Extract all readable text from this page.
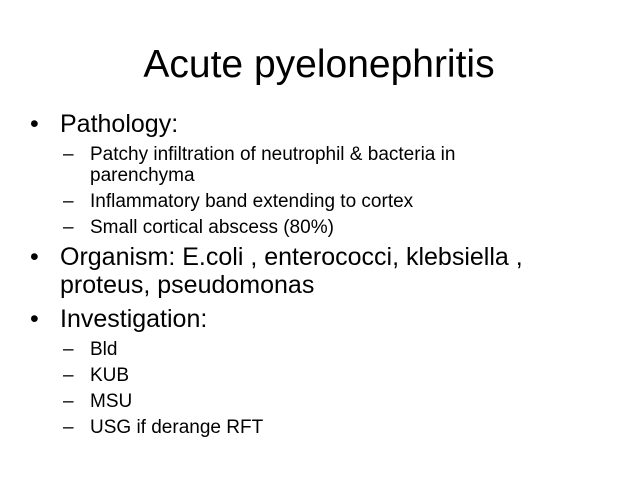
Acute pyelonephritis
• Pathology:
– Patchy infiltration of neutrophil & bacteria in parenchyma
– Inflammatory band extending to cortex
– Small cortical abscess (80%)
• Organism: E.coli , enterococci, klebsiella , proteus, pseudomonas
• Investigation:
– Bld
– KUB
– MSU
– USG if derange RFT
